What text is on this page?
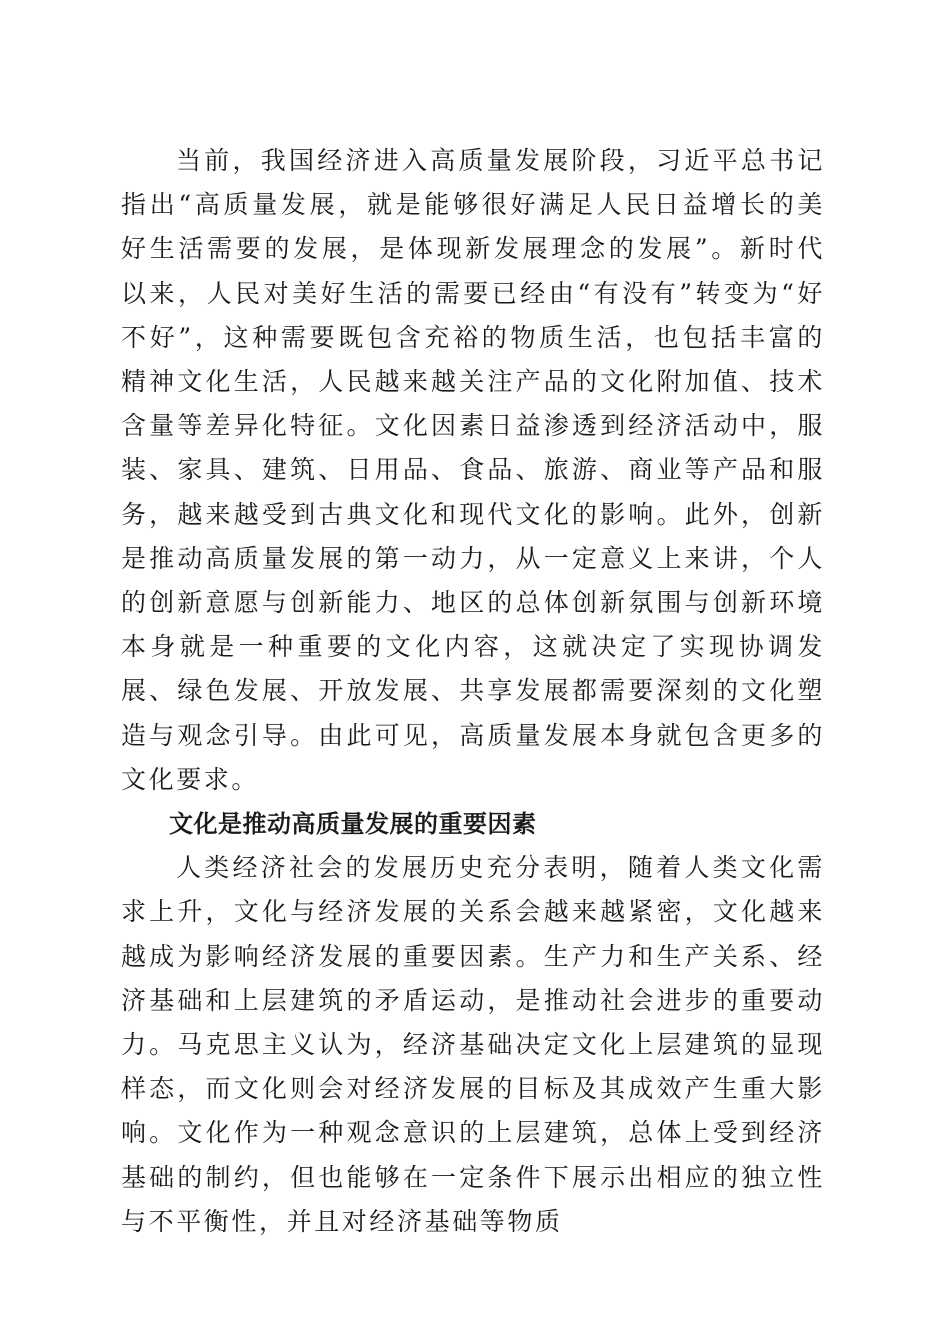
当前，我国经济进入高质量发展阶段，习近平总书记指出“高质量发展，就是能够很好满足人民日益增长的美好生活需要的发展，是体现新发展理念的发展”。新时代以来，人民对美好生活的需要已经由“有没有”转变为“好不好”，这种需要既包含充裕的物质生活，也包括丰富的精神文化生活，人民越来越关注产品的文化附加值、技术含量等差异化特征。文化因素日益渗透到经济活动中，服装、家具、建筑、日用品、食品、旅游、商业等产品和服务，越来越受到古典文化和现代文化的影响。此外，创新是推动高质量发展的第一动力，从一定意义上来讲，个人的创新意愿与创新能力、地区的总体创新氛围与创新环境本身就是一种重要的文化内容，这就决定了实现协调发展、绿色发展、开放发展、共享发展都需要深刻的文化塑造与观念引导。由此可见，高质量发展本身就包含更多的文化要求。

文化是推动高质量发展的重要因素

人类经济社会的发展历史充分表明，随着人类文化需求上升，文化与经济发展的关系会越来越紧密，文化越来越成为影响经济发展的重要因素。生产力和生产关系、经济基础和上层建筑的矛盾运动，是推动社会进步的重要动力。马克思主义认为，经济基础决定文化上层建筑的显现样态，而文化则会对经济发展的目标及其成效产生重大影响。文化作为一种观念意识的上层建筑，总体上受到经济基础的制约，但也能够在一定条件下展示出相应的独立性与不平衡性，并且对经济基础等物质
